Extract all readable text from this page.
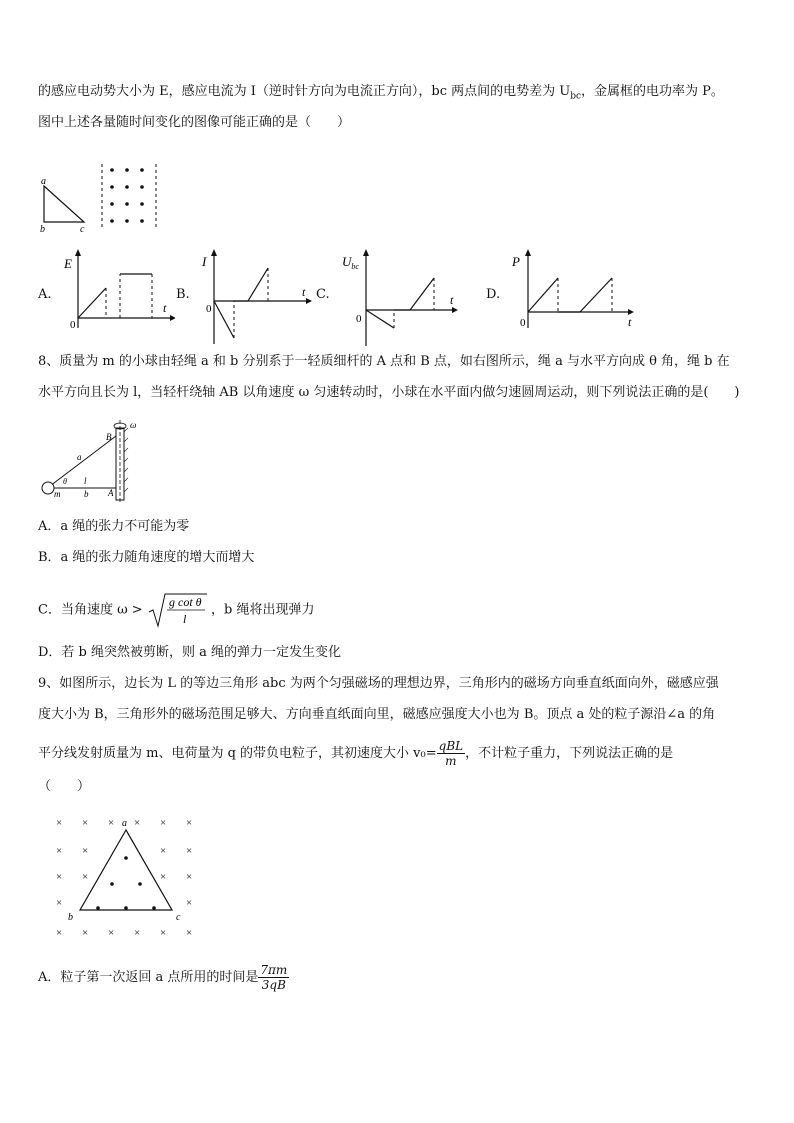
的感应电动势大小为 E，感应电流为 I（逆时针方向为电流正方向），bc 两点间的电势差为 $U_{bc}$，金属框的电功率为 P。
图中上述各量随时间变化的图像可能正确的是（　　）
a
b	c
A.
E
t
0
B.
I
t
0
C.
$U_{bc}$
t
0
D.
P
t
0
8、质量为 m 的小球由轻绳 a 和 b 分别系于一轻质细杆的 A 点和 B 点，如右图所示，绳 a 与水平方向成 θ 角，绳 b 在
水平方向且长为 l，当轻杆绕轴 AB 以角速度 ω 匀速转动时，小球在水平面内做匀速圆周运动，则下列说法正确的是(　　)
ω
B
a
θ l
m	b A
A．a 绳的张力不可能为零
B．a 绳的张力随角速度的增大而增大
C．当角速度 ω >
g cot θ
l
，b 绳将出现弹力
D．若 b 绳突然被剪断，则 a 绳的弹力一定发生变化
9、如图所示，边长为 L 的等边三角形 abc 为两个匀强磁场的理想边界，三角形内的磁场方向垂直纸面向外，磁感应强
度大小为 B，三角形外的磁场范围足够大、方向垂直纸面向里，磁感应强度大小也为 B。顶点 a 处的粒子源沿∠a 的角
平分线发射质量为 m、电荷量为 q 的带负电粒子，其初速度大小 $v_0= \frac{\text{qBL}}{m}$ ，不计粒子重力，下列说法正确的是
（　　）
× × × × × ×
× ×	× ×
× ×	× ×
×	×
× × × × × ×
a
b	c
A．粒子第一次返回 a 点所用的时间是 $\frac{7\pi m}{3qB}$
